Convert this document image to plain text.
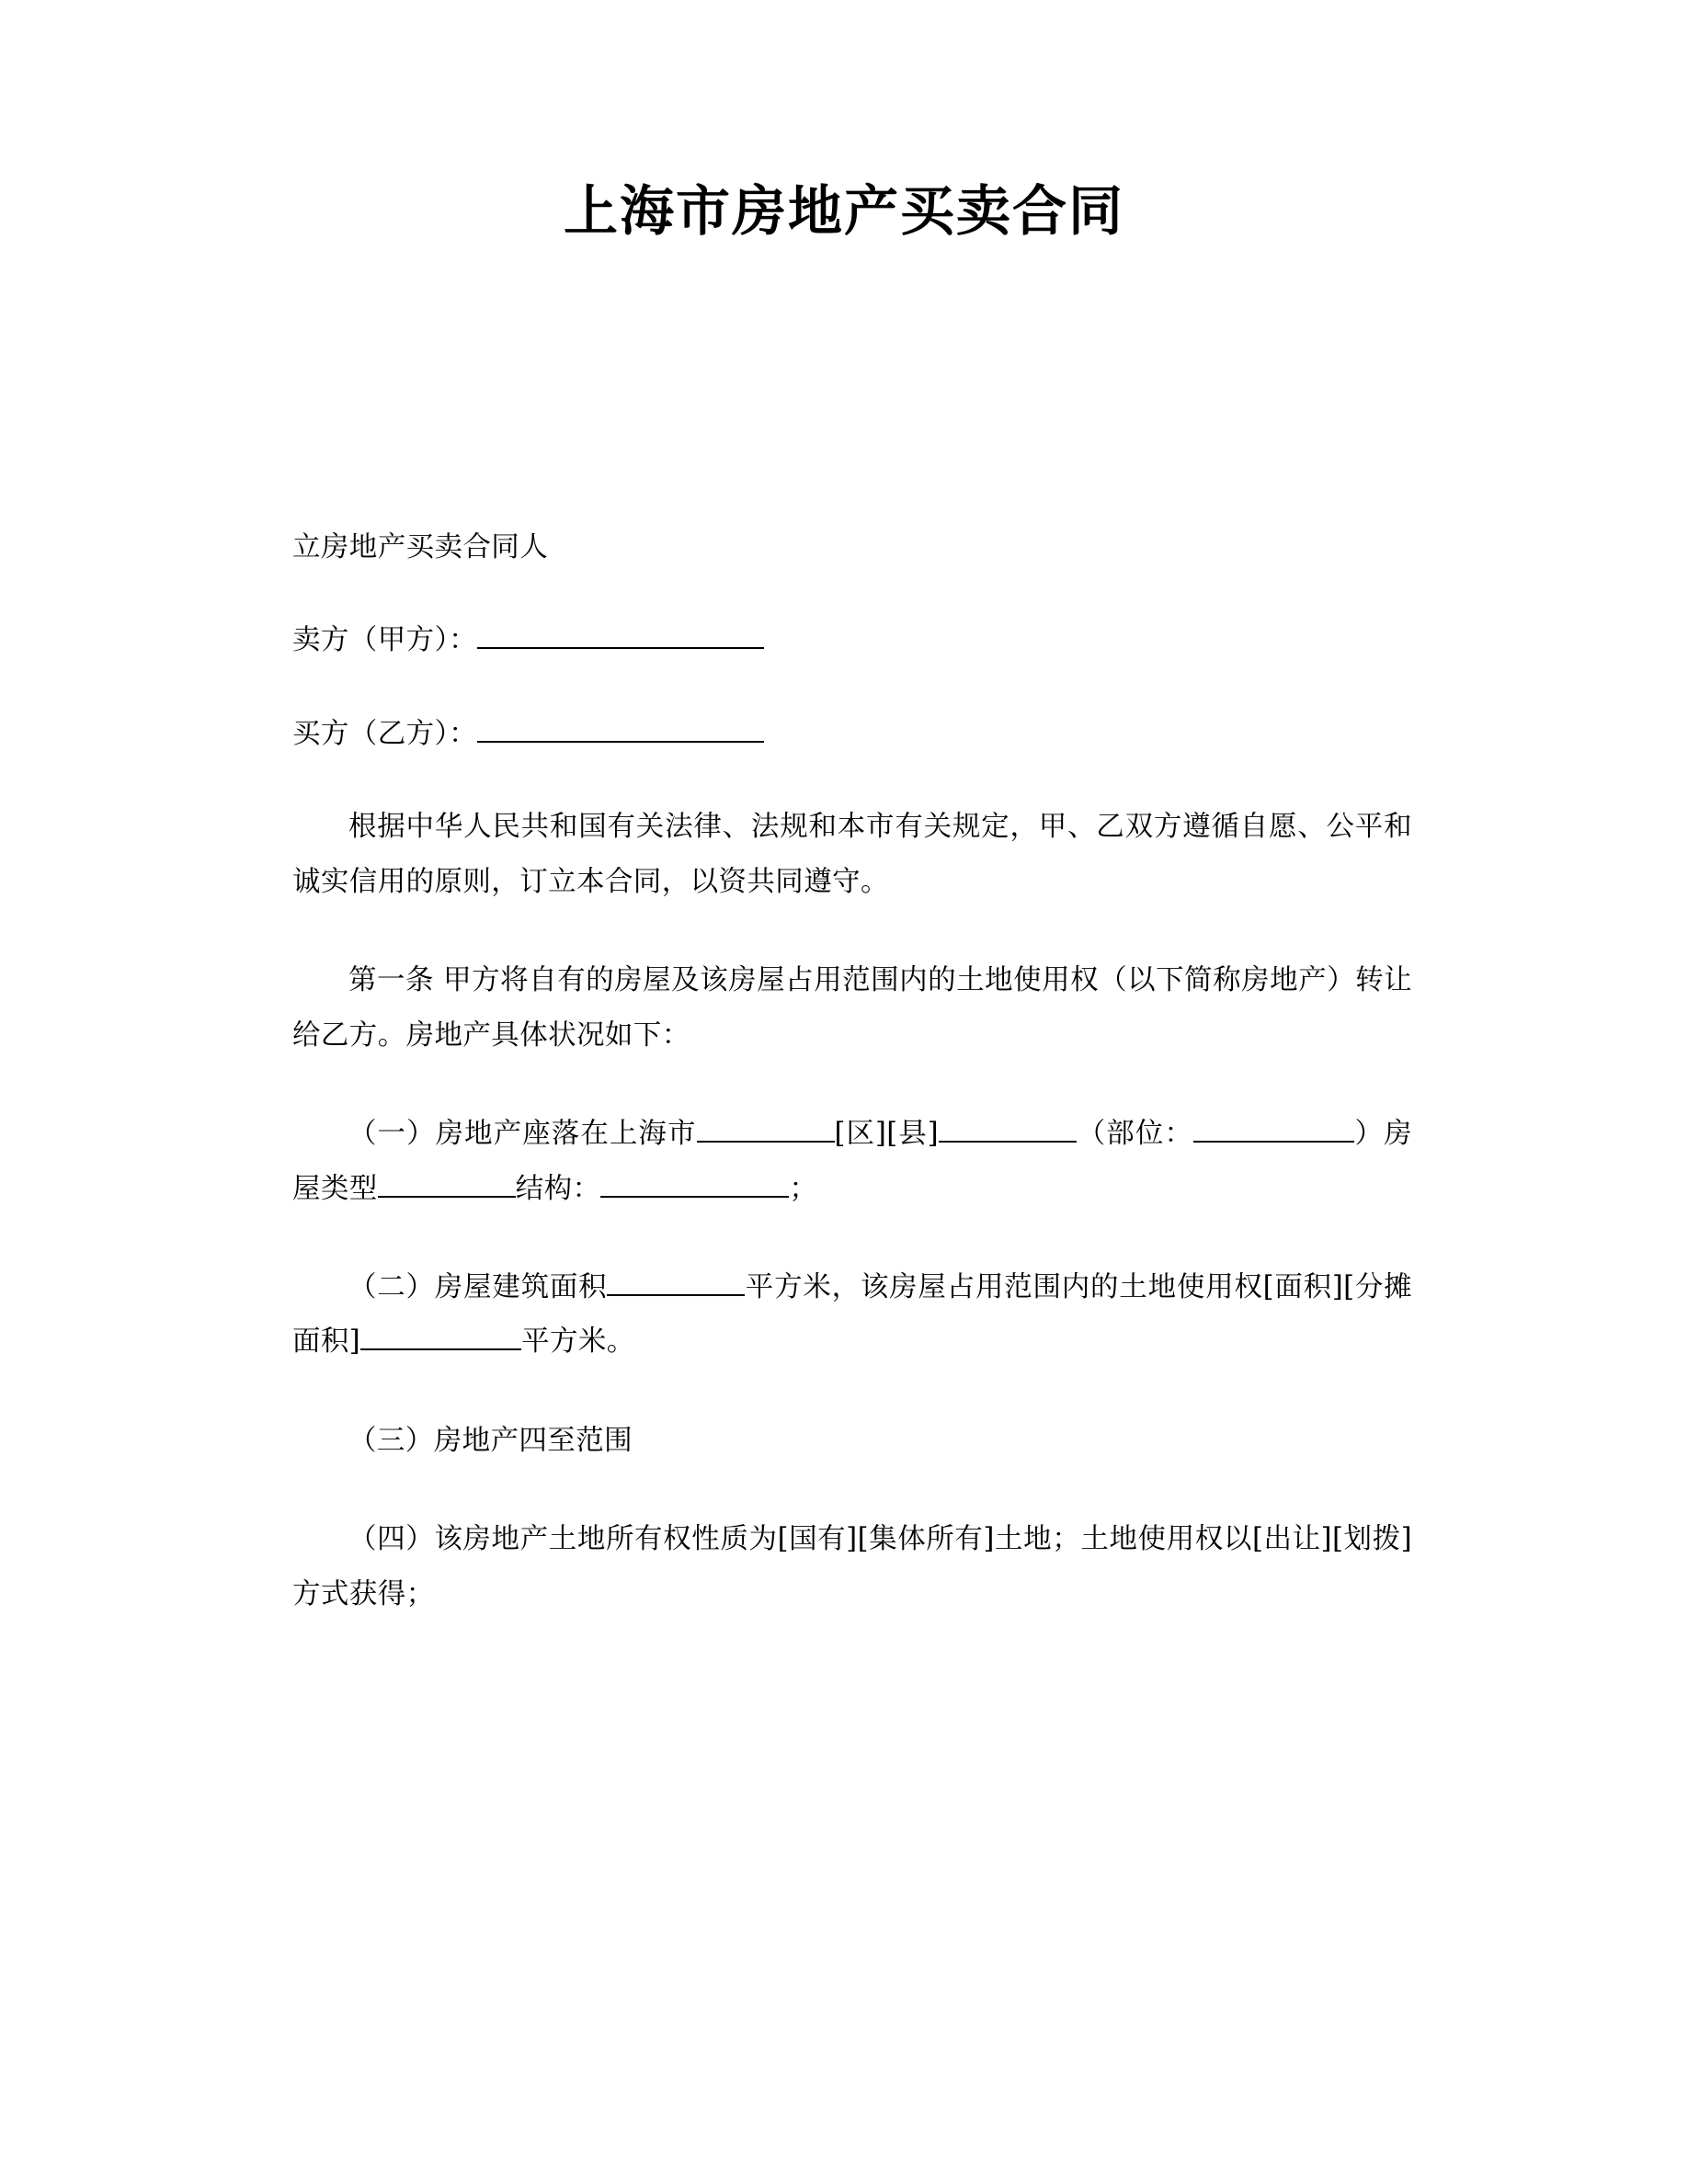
上海市房地产买卖合同

立房地产买卖合同人

卖方（甲方）：

买方（乙方）：

根据中华人民共和国有关法律、法规和本市有关规定，甲、乙双方遵循自愿、公平和诚实信用的原则，订立本合同，以资共同遵守。

第一条 甲方将自有的房屋及该房屋占用范围内的土地使用权（以下简称房地产）转让给乙方。房地产具体状况如下：

（一）房地产座落在上海市	[区][县]	（部位：	）房屋类型	结构：	；

（二）房屋建筑面积	平方米，该房屋占用范围内的土地使用权[面积][分摊面积]	平方米。

（三）房地产四至范围

（四）该房地产土地所有权性质为[国有][集体所有]土地；土地使用权以[出让][划拨]方式获得；
